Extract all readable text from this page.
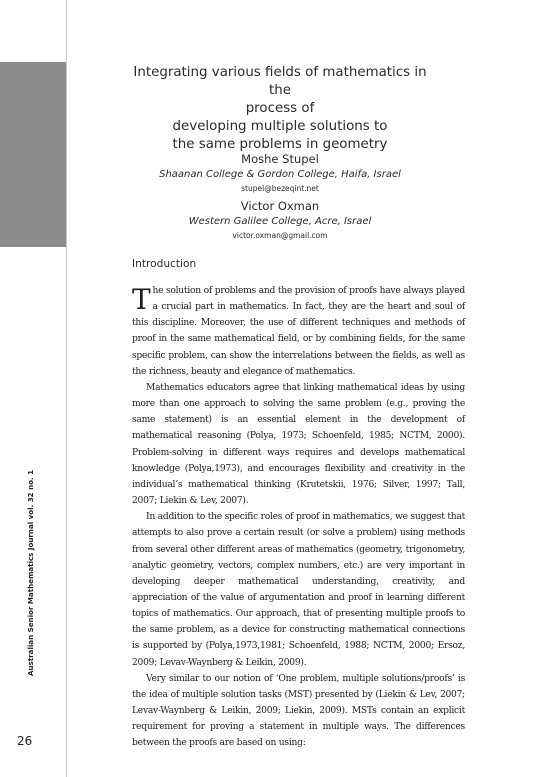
Australian Senior Mathematics Journal vol. 32 no. 1
26
Integrating various fields of mathematics in the
process of
developing multiple solutions to
the same problems in geometry
Moshe Stupel
Shaanan College & Gordon College, Haifa, Israel
stupel@bezeqint.net
Victor Oxman
Western Galilee College, Acre, Israel
victor.oxman@gmail.com
Introduction

The solution of problems and the provision of proofs have always played a crucial part in mathematics. In fact, they are the heart and soul of this discipline. Moreover, the use of different techniques and methods of proof in the same mathematical field, or by combining fields, for the same specific problem, can show the interrelations between the fields, as well as the richness, beauty and elegance of mathematics.

Mathematics educators agree that linking mathematical ideas by using more than one approach to solving the same problem (e.g., proving the same statement) is an essential element in the development of mathematical reasoning (Polya, 1973; Schoenfeld, 1985; NCTM, 2000). Problem-solving in different ways requires and develops mathematical knowledge (Polya,1973), and encourages flexibility and creativity in the individual’s mathematical thinking (Krutetskii, 1976; Silver, 1997; Tall, 2007; Liekin & Lev, 2007).

In addition to the specific roles of proof in mathematics, we suggest that attempts to also prove a certain result (or solve a problem) using methods from several other different areas of mathematics (geometry, trigonometry, analytic geometry, vectors, complex numbers, etc.) are very important in developing deeper mathematical understanding, creativity, and appreciation of the value of argumentation and proof in learning different topics of mathematics. Our approach, that of presenting multiple proofs to the same problem, as a device for constructing mathematical connections is supported by (Polya,1973,1981; Schoenfeld, 1988; NCTM, 2000; Ersoz, 2009; Levav-Waynberg & Leikin, 2009).

Very similar to our notion of ‘One problem, multiple solutions/proofs’ is the idea of multiple solution tasks (MST) presented by (Liekin & Lev, 2007; Levav-Waynberg & Leikin, 2009; Liekin, 2009). MSTs contain an explicit requirement for proving a statement in multiple ways. The differences between the proofs are based on using:
